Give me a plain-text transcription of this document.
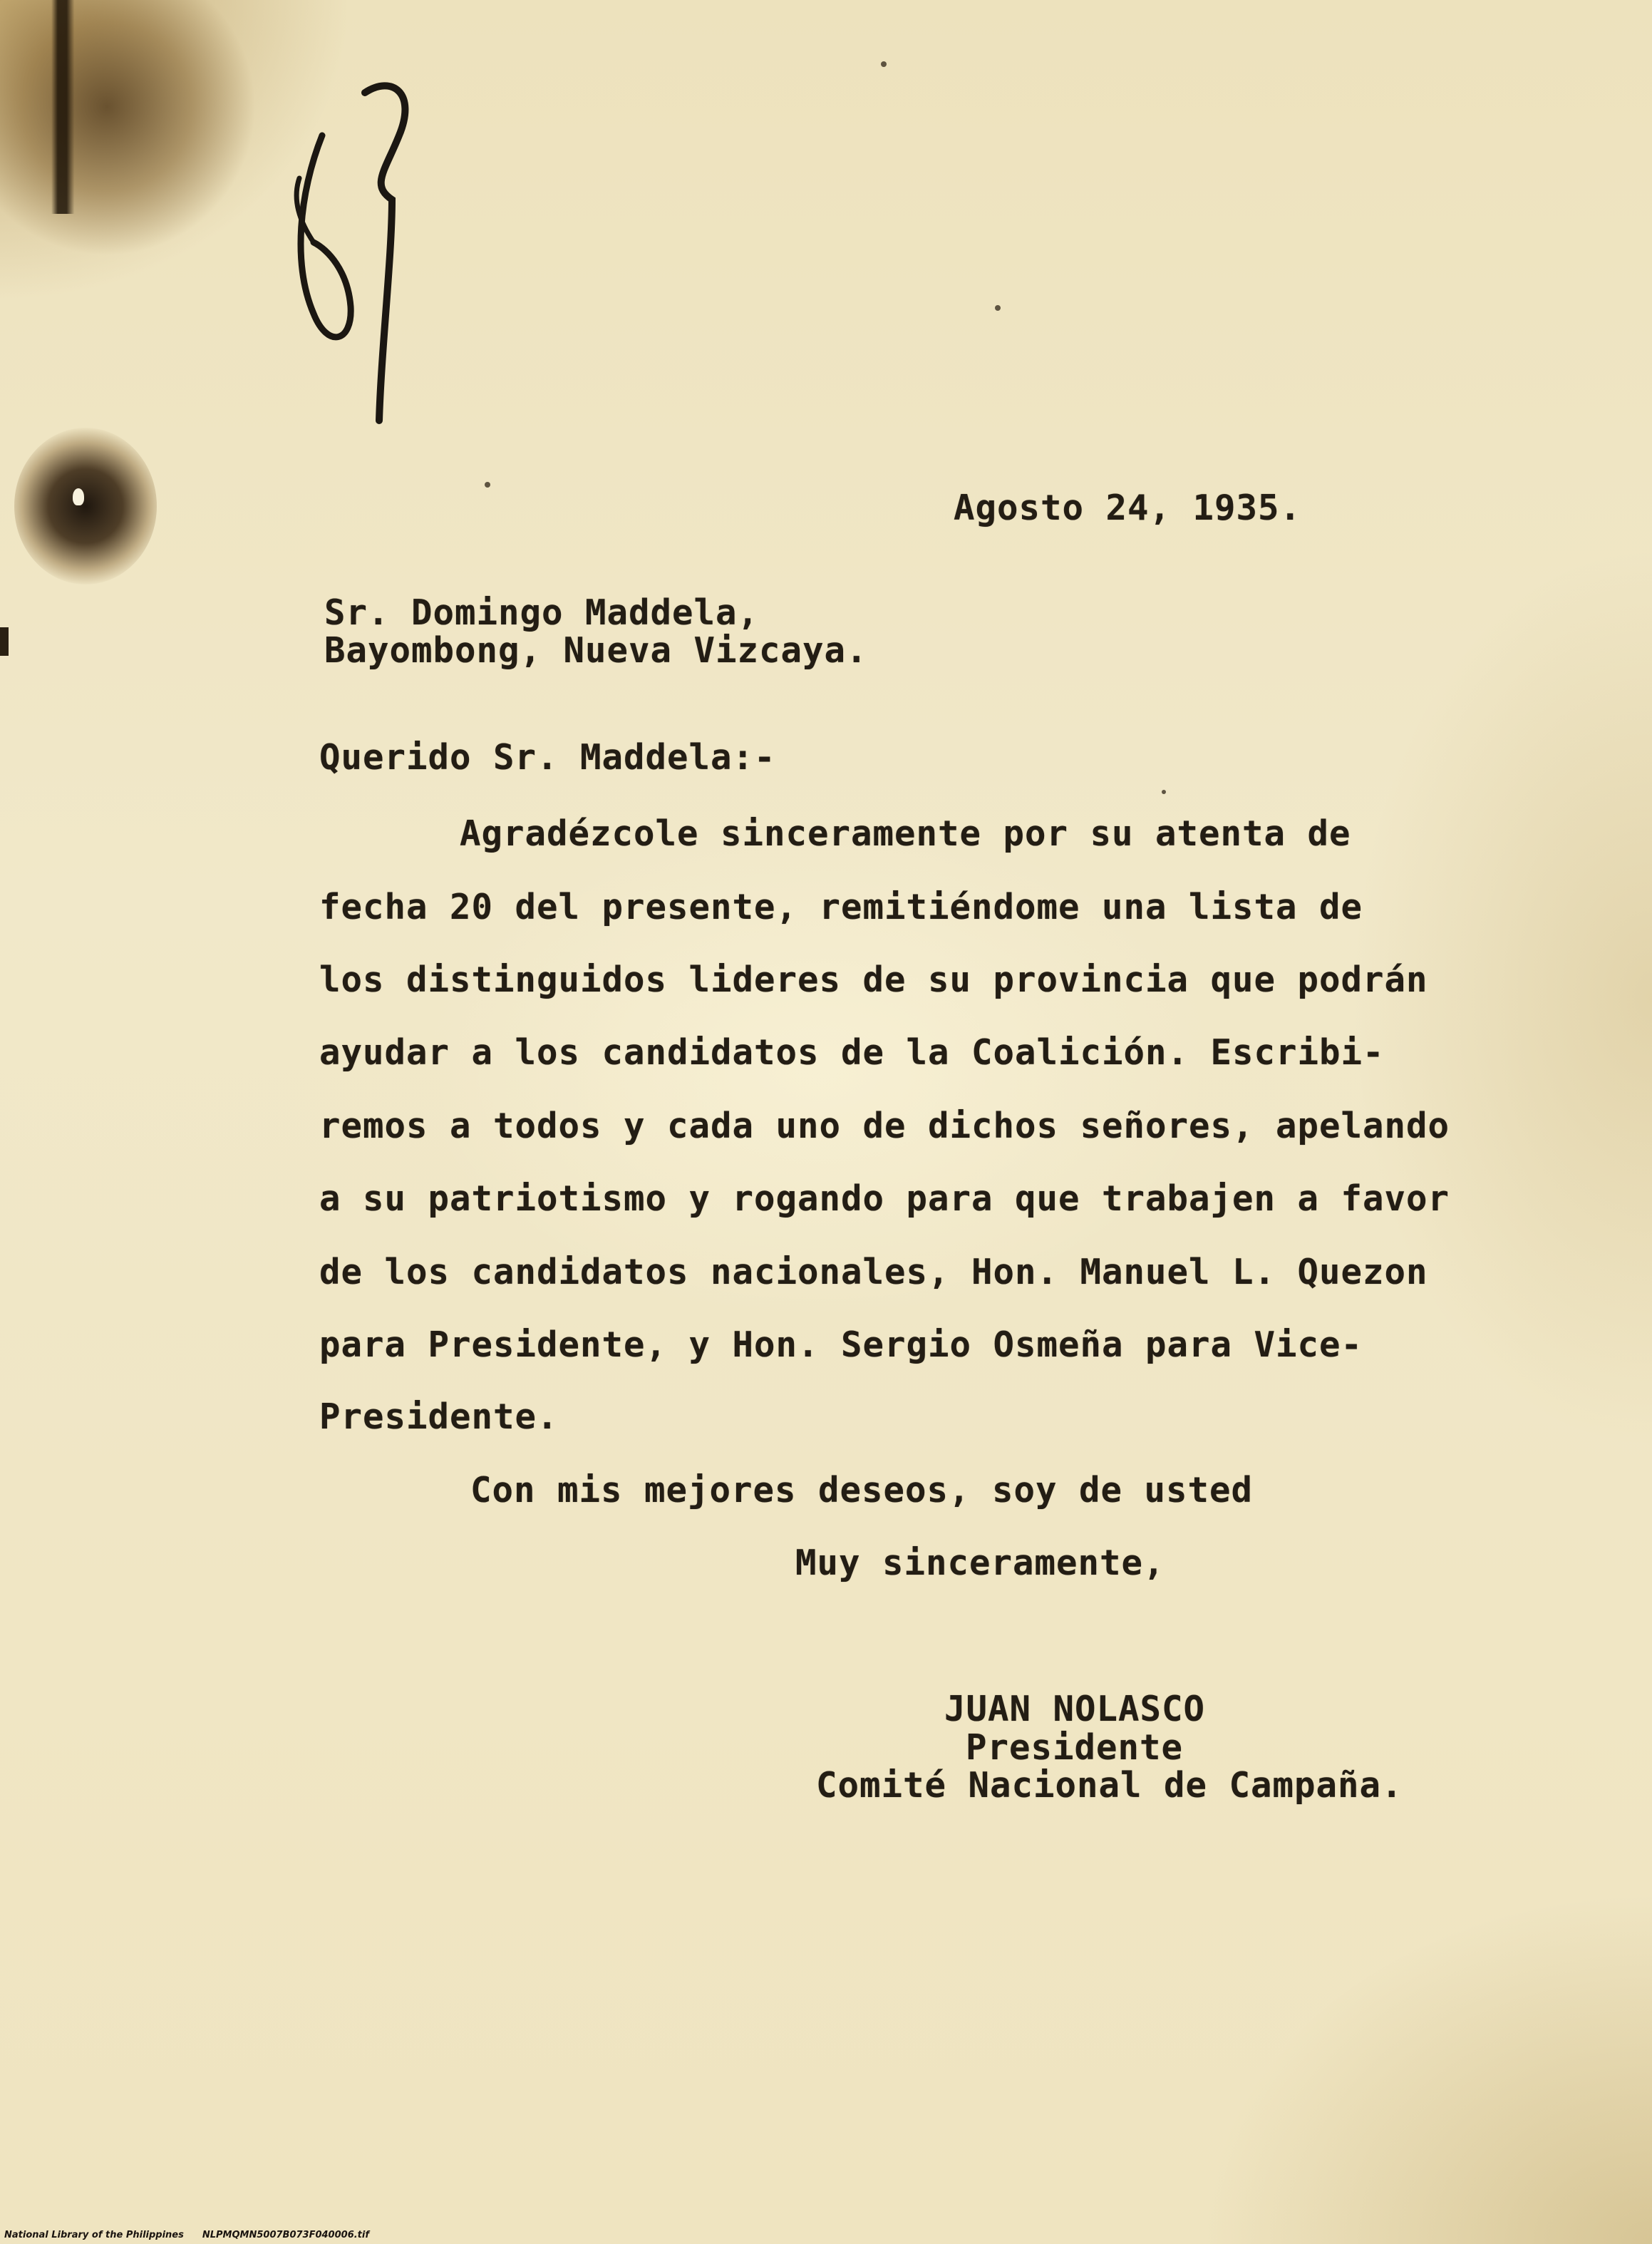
Agosto 24, 1935.
Sr. Domingo Maddela,
Bayombong, Nueva Vizcaya.
Querido Sr. Maddela:-
Agradézcole sinceramente por su atenta de
fecha 20 del presente, remitiéndome una lista de
los distinguidos lideres de su provincia que podrán
ayudar a los candidatos de la Coalición. Escribi-
remos a todos y cada uno de dichos señores, apelando
a su patriotismo y rogando para que trabajen a favor
de los candidatos nacionales, Hon. Manuel L. Quezon
para Presidente, y Hon. Sergio Osmeña para Vice-
Presidente.
Con mis mejores deseos, soy de usted
Muy sinceramente,
JUAN NOLASCO
Presidente
Comité Nacional de Campaña.
National Library of the Philippines NLPMQMN5007B073F040006.tif
